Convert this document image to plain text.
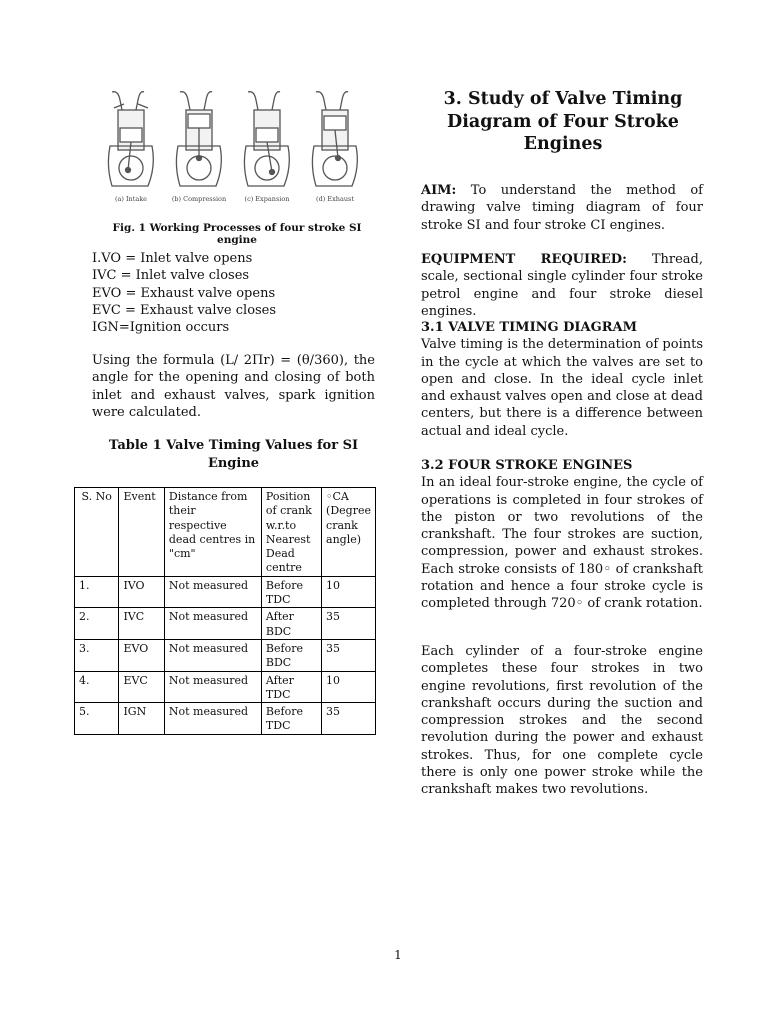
(a) Intake	(b) Compression	(c) Expansion	(d) Exhaust
Fig. 1 Working Processes of four stroke SI engine
I.VO = Inlet valve opens
IVC = Inlet valve closes
EVO = Exhaust valve opens
EVC = Exhaust valve closes
IGN=Ignition occurs
Using the formula (L/ 2Πr) = (θ/360), the angle for the opening and closing of both inlet and exhaust valves, spark ignition were calculated.
Table 1 Valve Timing Values for SI Engine
S. No	Event	Distance from their respective dead centres in "cm"	Position of crank w.r.to Nearest Dead centre	◦CA (Degree crank angle)
1.	IVO	Not measured	Before TDC	10
2.	IVC	Not measured	After BDC	35
3.	EVO	Not measured	Before BDC	35
4.	EVC	Not measured	After TDC	10
5.	IGN	Not measured	Before TDC	35
3. Study of Valve Timing Diagram of Four Stroke Engines
AIM: To understand the method of drawing valve timing diagram of four stroke SI and four stroke CI engines.
EQUIPMENT REQUIRED: Thread, scale, sectional single cylinder four stroke petrol engine and four stroke diesel engines.
3.1 VALVE TIMING DIAGRAM
Valve timing is the determination of points in the cycle at which the valves are set to open and close. In the ideal cycle inlet and exhaust valves open and close at dead centers, but there is a difference between actual and ideal cycle.
3.2 FOUR STROKE ENGINES
In an ideal four-stroke engine, the cycle of operations is completed in four strokes of the piston or two revolutions of the crankshaft. The four strokes are suction, compression, power and exhaust strokes. Each stroke consists of 180◦ of crankshaft rotation and hence a four stroke cycle is completed through 720◦ of crank rotation.
Each cylinder of a four-stroke engine completes these four strokes in two engine revolutions, first revolution of the crankshaft occurs during the suction and compression strokes and the second revolution during the power and exhaust strokes. Thus, for one complete cycle there is only one power stroke while the crankshaft makes two revolutions.
1
